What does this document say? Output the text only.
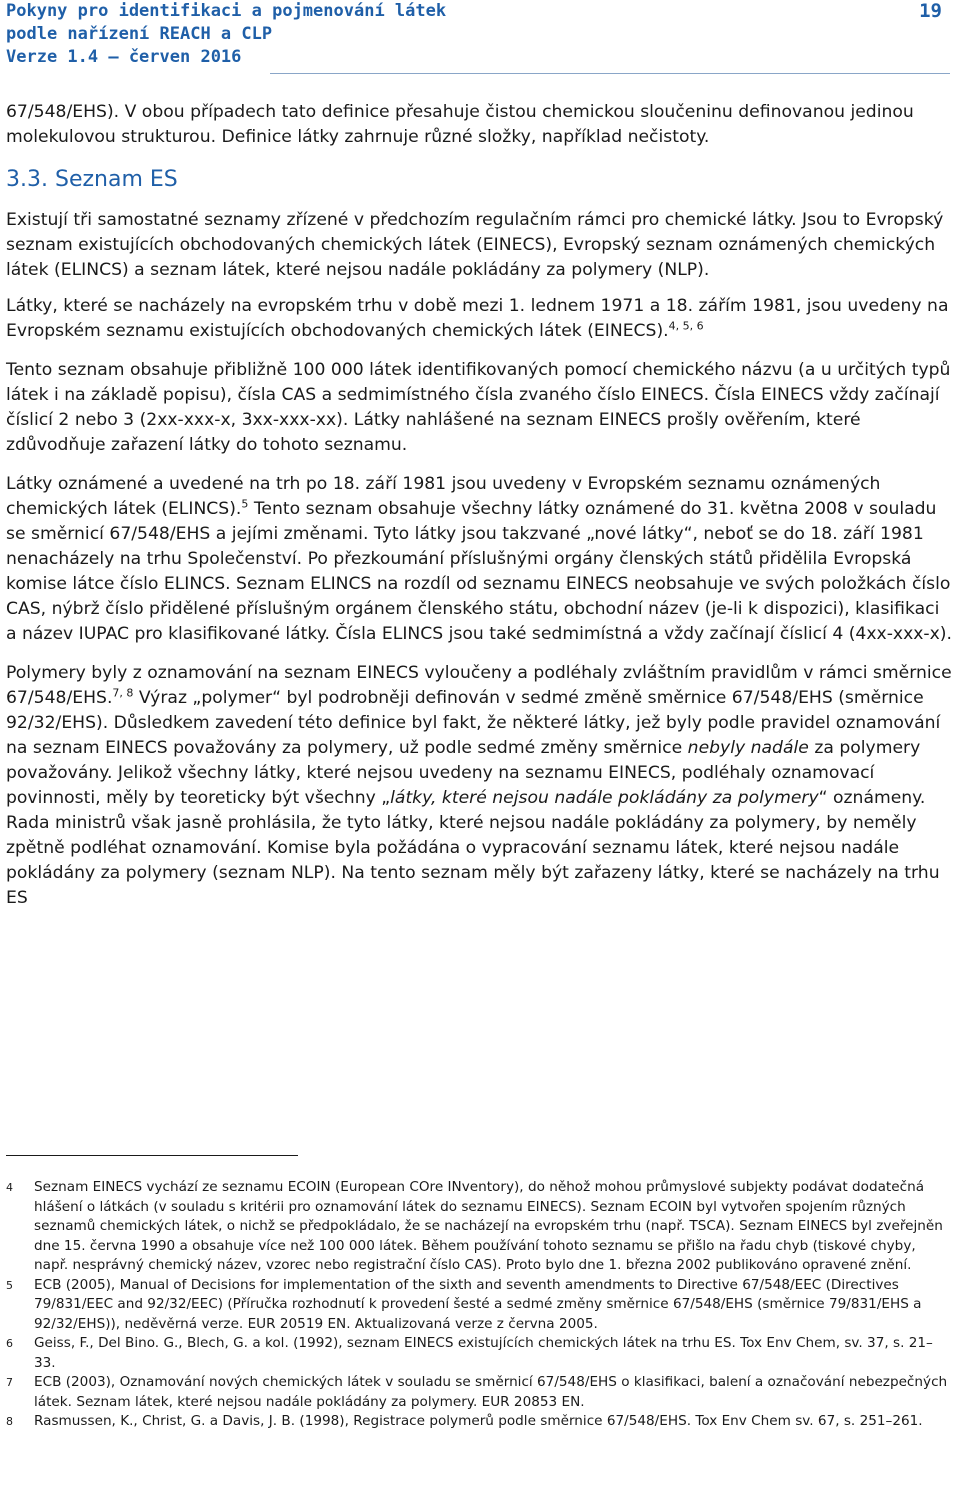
Pokyny pro identifikaci a pojmenování látek
podle nařízení REACH a CLP
Verze 1.4 – červen 2016
19

67/548/EHS). V obou případech tato definice přesahuje čistou chemickou sloučeninu definovanou jedinou molekulovou strukturou. Definice látky zahrnuje různé složky, například nečistoty.

3.3. Seznam ES

Existují tři samostatné seznamy zřízené v předchozím regulačním rámci pro chemické látky. Jsou to Evropský seznam existujících obchodovaných chemických látek (EINECS), Evropský seznam oznámených chemických látek (ELINCS) a seznam látek, které nejsou nadále pokládány za polymery (NLP).

Látky, které se nacházely na evropském trhu v době mezi 1. lednem 1971 a 18. zářím 1981, jsou uvedeny na Evropském seznamu existujících obchodovaných chemických látek (EINECS).$^{4, 5, 6}$

Tento seznam obsahuje přibližně 100 000 látek identifikovaných pomocí chemického názvu (a u určitých typů látek i na základě popisu), čísla CAS a sedmimístného čísla zvaného číslo EINECS. Čísla EINECS vždy začínají číslicí 2 nebo 3 (2xx-xxx-x, 3xx-xxx-xx). Látky nahlášené na seznam EINECS prošly ověřením, které zdůvodňuje zařazení látky do tohoto seznamu.

Látky oznámené a uvedené na trh po 18. září 1981 jsou uvedeny v Evropském seznamu oznámených chemických látek (ELINCS).$^5$ Tento seznam obsahuje všechny látky oznámené do 31. května 2008 v souladu se směrnicí 67/548/EHS a jejími změnami. Tyto látky jsou takzvané „nové látky“, neboť se do 18. září 1981 nenacházely na trhu Společenství. Po přezkoumání příslušnými orgány členských států přidělila Evropská komise látce číslo ELINCS. Seznam ELINCS na rozdíl od seznamu EINECS neobsahuje ve svých položkách číslo CAS, nýbrž číslo přidělené příslušným orgánem členského státu, obchodní název (je-li k dispozici), klasifikaci a název IUPAC pro klasifikované látky. Čísla ELINCS jsou také sedmimístná a vždy začínají číslicí 4 (4xx-xxx-x).

Polymery byly z oznamování na seznam EINECS vyloučeny a podléhaly zvláštním pravidlům v rámci směrnice 67/548/EHS.$^{7, 8}$ Výraz „polymer“ byl podrobněji definován v sedmé změně směrnice 67/548/EHS (směrnice 92/32/EHS). Důsledkem zavedení této definice byl fakt, že některé látky, jež byly podle pravidel oznamování na seznam EINECS považovány za polymery, už podle sedmé změny směrnice nebyly nadále za polymery považovány. Jelikož všechny látky, které nejsou uvedeny na seznamu EINECS, podléhaly oznamovací povinnosti, měly by teoreticky být všechny „látky, které nejsou nadále pokládány za polymery“ oznámeny. Rada ministrů však jasně prohlásila, že tyto látky, které nejsou nadále pokládány za polymery, by neměly zpětně podléhat oznamování. Komise byla požádána o vypracování seznamu látek, které nejsou nadále pokládány za polymery (seznam NLP). Na tento seznam měly být zařazeny látky, které se nacházely na trhu ES

4 Seznam EINECS vychází ze seznamu ECOIN (European COre INventory), do něhož mohou průmyslové subjekty podávat dodatečná hlášení o látkách (v souladu s kritérii pro oznamování látek do seznamu EINECS). Seznam ECOIN byl vytvořen spojením různých seznamů chemických látek, o nichž se předpokládalo, že se nacházejí na evropském trhu (např. TSCA). Seznam EINECS byl zveřejněn dne 15. června 1990 a obsahuje více než 100 000 látek. Během používání tohoto seznamu se přišlo na řadu chyb (tiskové chyby, např. nesprávný chemický název, vzorec nebo registrační číslo CAS). Proto bylo dne 1. března 2002 publikováno opravené znění.
5 ECB (2005), Manual of Decisions for implementation of the sixth and seventh amendments to Directive 67/548/EEC (Directives 79/831/EEC and 92/32/EEC) (Příručka rozhodnutí k provedení šesté a sedmé změny směrnice 67/548/EHS (směrnice 79/831/EHS a 92/32/EHS)), neděvěrná verze. EUR 20519 EN. Aktualizovaná verze z června 2005.
6 Geiss, F., Del Bino. G., Blech, G. a kol. (1992), seznam EINECS existujících chemických látek na trhu ES. Tox Env Chem, sv. 37, s. 21–33.
7 ECB (2003), Oznamování nových chemických látek v souladu se směrnicí 67/548/EHS o klasifikaci, balení a označování nebezpečných látek. Seznam látek, které nejsou nadále pokládány za polymery. EUR 20853 EN.
8 Rasmussen, K., Christ, G. a Davis, J. B. (1998), Registrace polymerů podle směrnice 67/548/EHS. Tox Env Chem sv. 67, s. 251–261.
